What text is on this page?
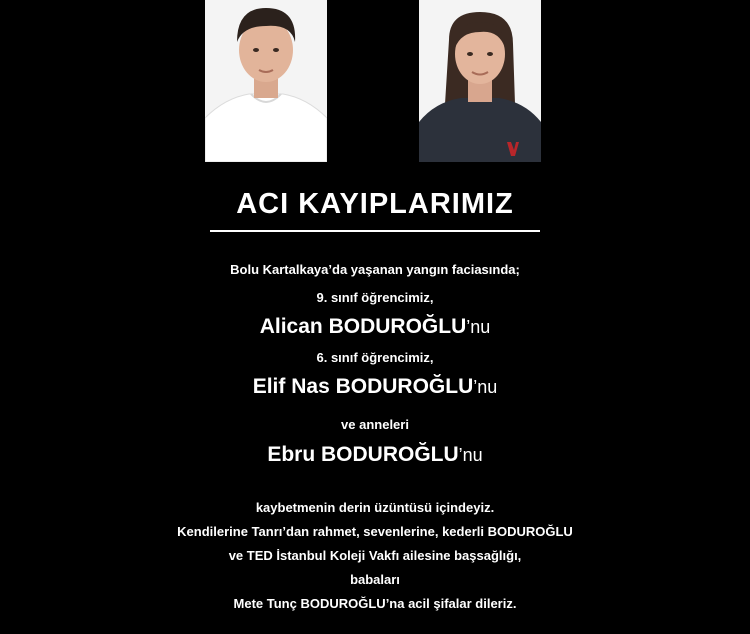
ACI KAYIPLARIMIZ
Bolu Kartalkaya’da yaşanan yangın faciasında;
9. sınıf öğrencimiz,
Alican BODUROĞLU’nu
6. sınıf öğrencimiz,
Elif Nas BODUROĞLU’nu
ve anneleri
Ebru BODUROĞLU’nu
kaybetmenin derin üzüntüsü içindeyiz.
Kendilerine Tanrı’dan rahmet, sevenlerine, kederli BODUROĞLU
ve TED İstanbul Koleji Vakfı ailesine başsağlığı,
babaları
Mete Tunç BODUROĞLU’na acil şifalar dileriz.
